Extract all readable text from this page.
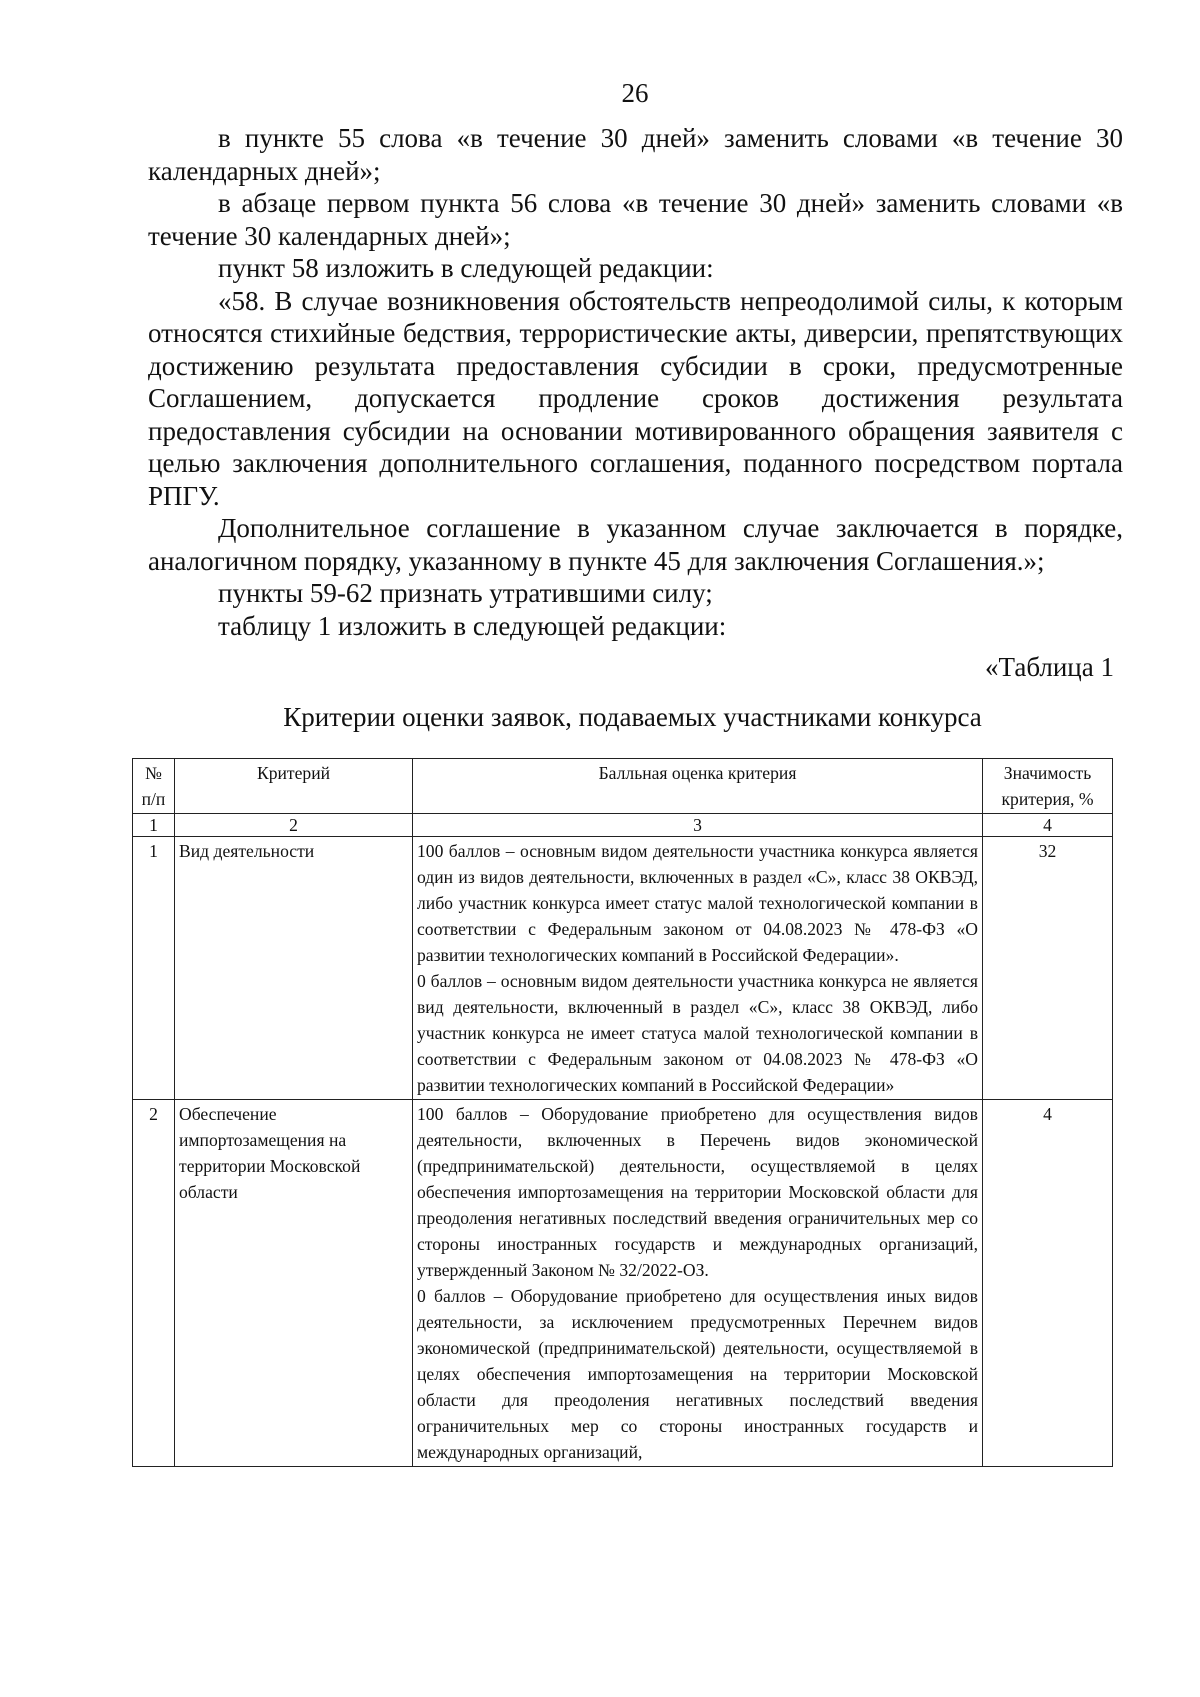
26

в пункте 55 слова «в течение 30 дней» заменить словами «в течение 30 календарных дней»;

в абзаце первом пункта 56 слова «в течение 30 дней» заменить словами «в течение 30 календарных дней»;

пункт 58 изложить в следующей редакции:

«58. В случае возникновения обстоятельств непреодолимой силы, к которым относятся стихийные бедствия, террористические акты, диверсии, препятствующих достижению результата предоставления субсидии в сроки, предусмотренные Соглашением, допускается продление сроков достижения результата предоставления субсидии на основании мотивированного обращения заявителя с целью заключения дополнительного соглашения, поданного посредством портала РПГУ.

Дополнительное соглашение в указанном случае заключается в порядке, аналогичном порядку, указанному в пункте 45 для заключения Соглашения.»;

пункты 59-62 признать утратившими силу;

таблицу 1 изложить в следующей редакции:

«Таблица 1
Критерии оценки заявок, подаваемых участниками конкурса
№ п/п	Критерий	Балльная оценка критерия	Значимость критерия, %
1	2	3	4
1	Вид деятельности	100 баллов – основным видом деятельности участника конкурса является один из видов деятельности, включенных в раздел «С», класс 38 ОКВЭД, либо участник конкурса имеет статус малой технологической компании в соответствии с Федеральным законом от 04.08.2023 № 478-ФЗ «О развитии технологических компаний в Российской Федерации».

0 баллов – основным видом деятельности участника конкурса не является вид деятельности, включенный в раздел «С», класс 38 ОКВЭД, либо участник конкурса не имеет статуса малой технологической компании в соответствии с Федеральным законом от 04.08.2023 № 478-ФЗ «О развитии технологических компаний в Российской Федерации»	32
2	Обеспечение импортозамещения на территории Московской области	100 баллов – Оборудование приобретено для осуществления видов деятельности, включенных в Перечень видов экономической (предпринимательской) деятельности, осуществляемой в целях обеспечения импортозамещения на территории Московской области для преодоления негативных последствий введения ограничительных мер со стороны иностранных государств и международных организаций, утвержденный Законом № 32/2022-ОЗ.

0 баллов – Оборудование приобретено для осуществления иных видов деятельности, за исключением предусмотренных Перечнем видов экономической (предпринимательской) деятельности, осуществляемой в целях обеспечения импортозамещения на территории Московской области для преодоления негативных последствий введения ограничительных мер со стороны иностранных государств и международных организаций,	4
